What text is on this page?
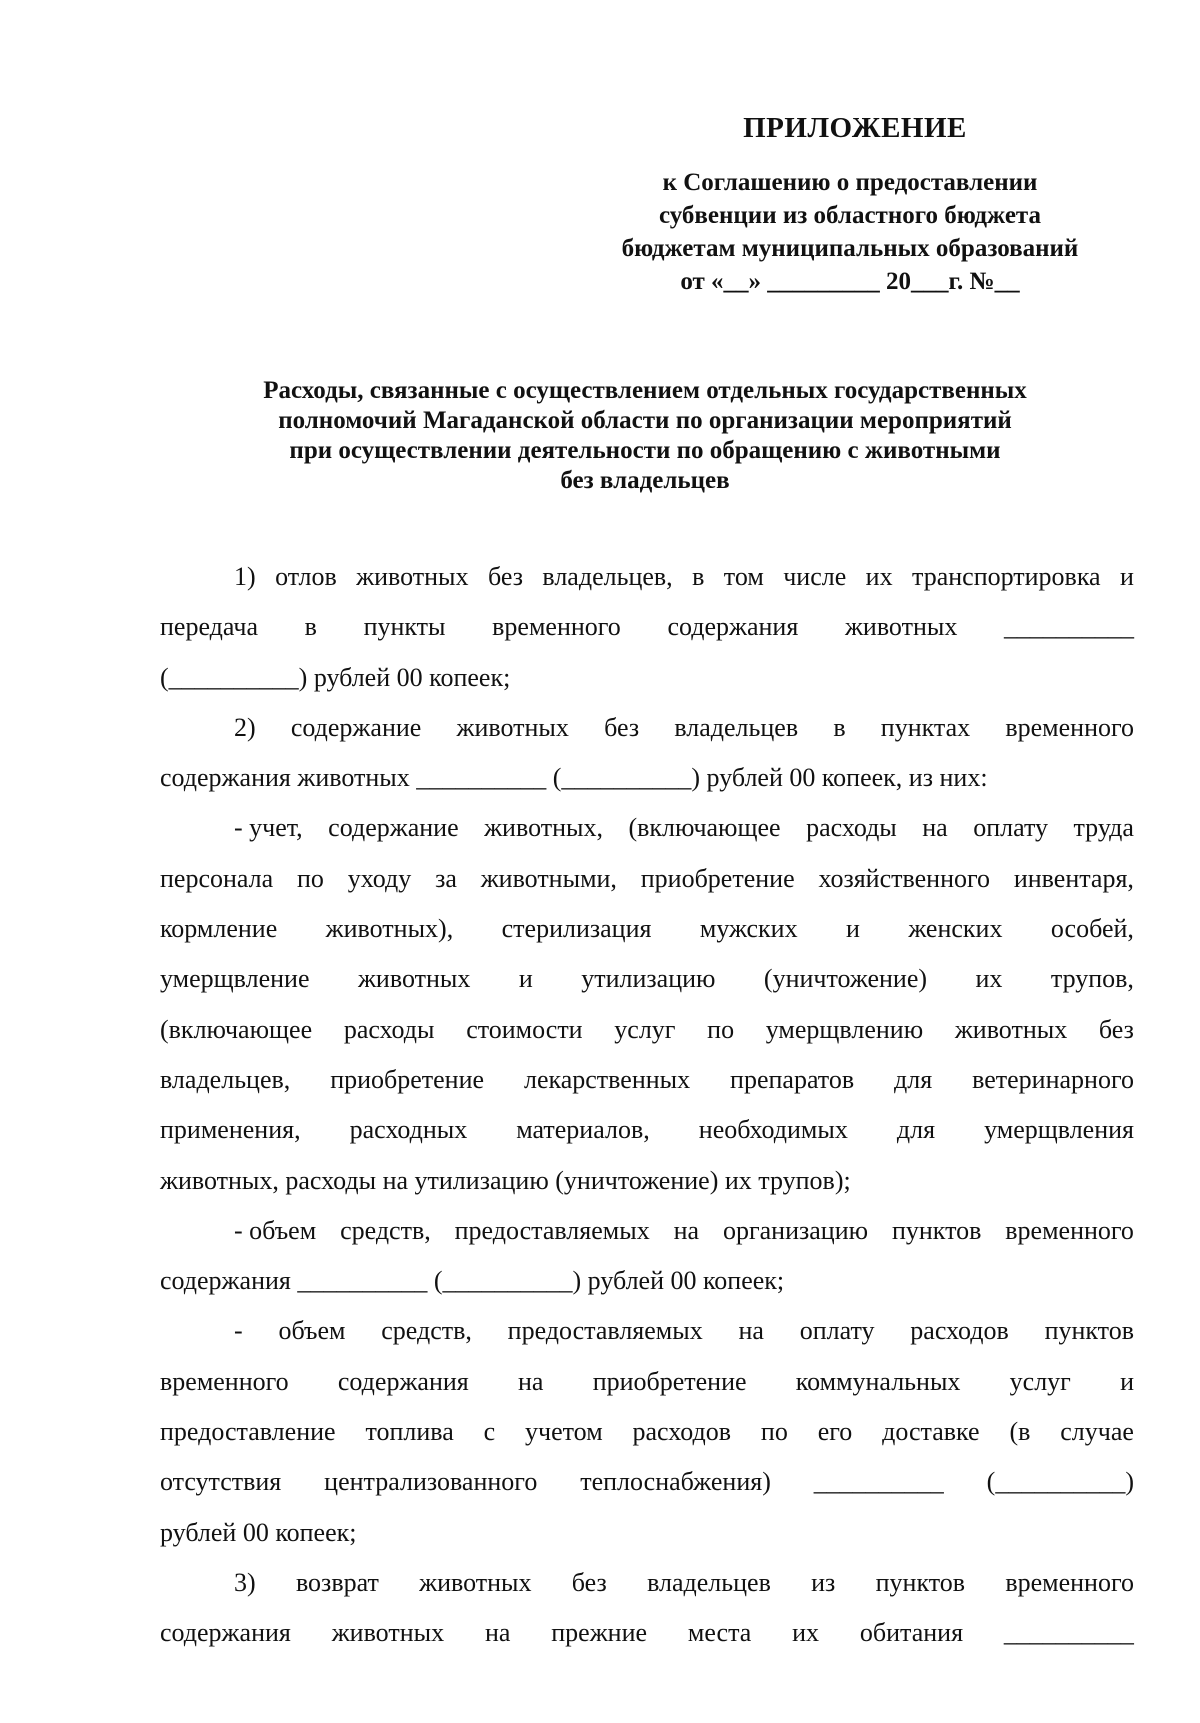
ПРИЛОЖЕНИЕ
к Соглашению о предоставлении
субвенции из областного бюджета
бюджетам муниципальных образований
от «__» _________ 20___г. №__
Расходы, связанные с осуществлением отдельных государственных
полномочий Магаданской области по организации мероприятий
при осуществлении деятельности по обращению с животными
без владельцев
1) отлов животных без владельцев, в том числе их транспортировка и
передача в пункты временного содержания животных __________
(__________) рублей 00 копеек;
2) содержание животных без владельцев в пунктах временного
содержания животных __________ (__________) рублей 00 копеек, из них:
- учет, содержание животных, (включающее расходы на оплату труда
персонала по уходу за животными, приобретение хозяйственного инвентаря,
кормление животных), стерилизация мужских и женских особей,
умерщвление животных и утилизацию (уничтожение) их трупов,
(включающее расходы стоимости услуг по умерщвлению животных без
владельцев, приобретение лекарственных препаратов для ветеринарного
применения, расходных материалов, необходимых для умерщвления
животных, расходы на утилизацию (уничтожение) их трупов);
- объем средств, предоставляемых на организацию пунктов временного
содержания __________ (__________) рублей 00 копеек;
- объем средств, предоставляемых на оплату расходов пунктов
временного содержания на приобретение коммунальных услуг и
предоставление топлива с учетом расходов по его доставке (в случае
отсутствия централизованного теплоснабжения) __________ (__________)
рублей 00 копеек;
3) возврат животных без владельцев из пунктов временного
содержания животных на прежние места их обитания __________
